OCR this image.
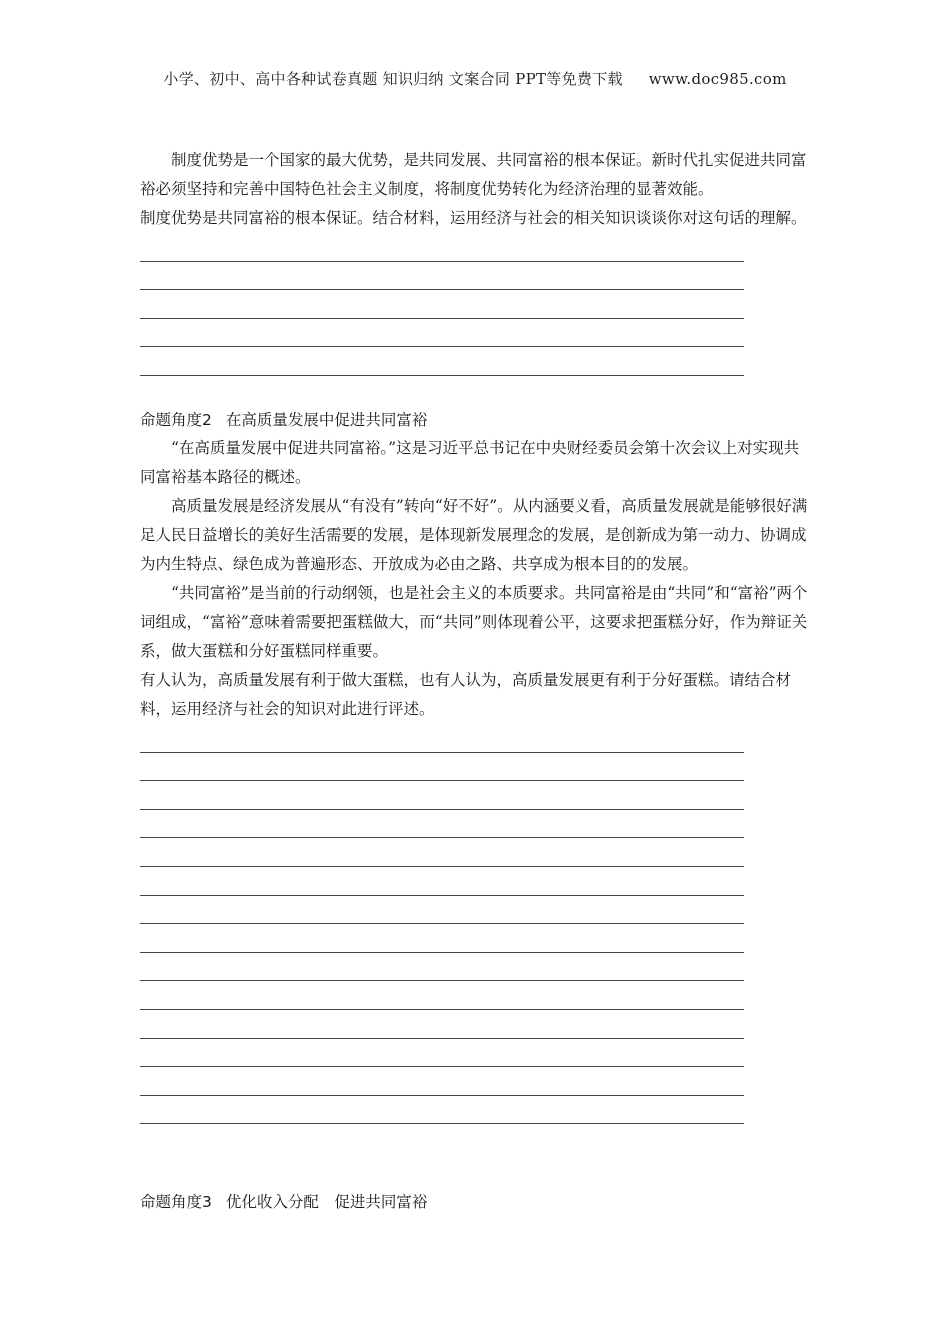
小学、初中、高中各种试卷真题 知识归纳 文案合同 PPT等免费下载 www.doc985.com

制度优势是一个国家的最大优势，是共同发展、共同富裕的根本保证。新时代扎实促进共同富裕必须坚持和完善中国特色社会主义制度，将制度优势转化为经济治理的显著效能。

制度优势是共同富裕的根本保证。结合材料，运用经济与社会的相关知识谈谈你对这句话的理解。

命题角度2 在高质量发展中促进共同富裕

“在高质量发展中促进共同富裕。”这是习近平总书记在中央财经委员会第十次会议上对实现共同富裕基本路径的概述。

高质量发展是经济发展从“有没有”转向“好不好”。从内涵要义看，高质量发展就是能够很好满足人民日益增长的美好生活需要的发展，是体现新发展理念的发展，是创新成为第一动力、协调成为内生特点、绿色成为普遍形态、开放成为必由之路、共享成为根本目的的发展。

“共同富裕”是当前的行动纲领，也是社会主义的本质要求。共同富裕是由“共同”和“富裕”两个词组成，“富裕”意味着需要把蛋糕做大，而“共同”则体现着公平，这要求把蛋糕分好，作为辩证关系，做大蛋糕和分好蛋糕同样重要。

有人认为，高质量发展有利于做大蛋糕，也有人认为，高质量发展更有利于分好蛋糕。请结合材料，运用经济与社会的知识对此进行评述。

命题角度3 优化收入分配　促进共同富裕
